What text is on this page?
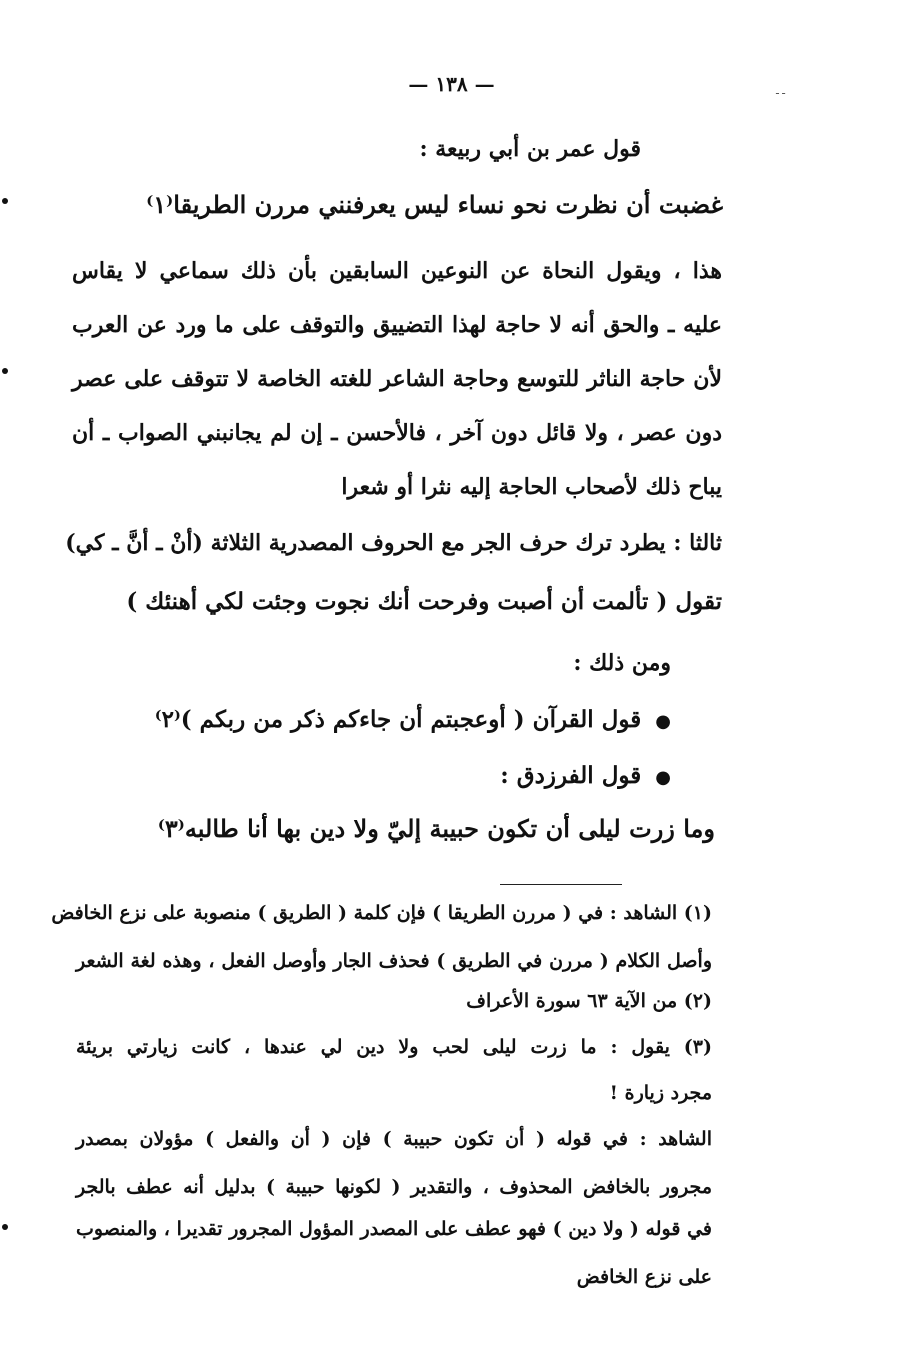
— ١٣٨ —	ـ ـ
قول عمر بن أبي ربيعة :
غضبت أن نظرت نحو نساء ليس يعرفنني مررن الطريقا⁽١⁾
هذا ، ويقول النحاة عن النوعين السابقين بأن ذلك سماعي لا يقاس
عليه ـ والحق أنه لا حاجة لهذا التضييق والتوقف على ما ورد عن العرب
لأن حاجة الناثر للتوسع وحاجة الشاعر للغته الخاصة لا تتوقف على عصر
دون عصر ، ولا قائل دون آخر ، فالأحسن ـ إن لم يجانبني الصواب ـ أن
يباح ذلك لأصحاب الحاجة إليه نثرا أو شعرا
ثالثا : يطرد ترك حرف الجر مع الحروف المصدرية الثلاثة (أنْ ـ أنَّ ـ كي)
تقول ( تألمت أن أصبت وفرحت أنك نجوت وجئت لكي أهنئك )
ومن ذلك :
●قول القرآن ( أوعجبتم أن جاءكم ذكر من ربكم )⁽٢⁾
●قول الفرزدق :
وما زرت ليلى أن تكون حبيبة إليّ ولا دين بها أنا طالبه⁽٣⁾
(١) الشاهد : في ( مررن الطريقا ) فإن كلمة ( الطريق ) منصوبة على نزع الخافض
وأصل الكلام ( مررن في الطريق ) فحذف الجار وأوصل الفعل ، وهذه لغة الشعر
(٢) من الآية ٦٣ سورة الأعراف
(٣) يقول : ما زرت ليلى لحب ولا دين لي عندها ، كانت زيارتي بريئة
مجرد زيارة !
الشاهد : في قوله ( أن تكون حبيبة ) فإن ( أن والفعل ) مؤولان بمصدر
مجرور بالخافض المحذوف ، والتقدير ( لكونها حبيبة ) بدليل أنه عطف بالجر
في قوله ( ولا دين ) فهو عطف على المصدر المؤول المجرور تقديرا ، والمنصوب
على نزع الخافض
